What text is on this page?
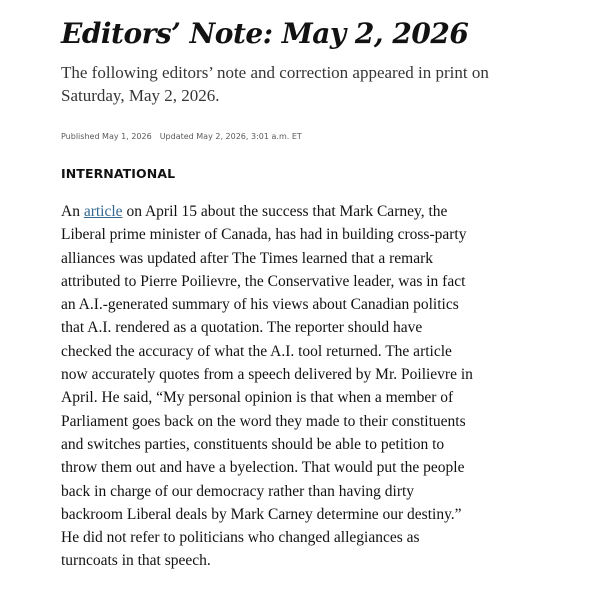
Editors’ Note: May 2, 2026

The following editors’ note and correction appeared in print on Saturday, May 2, 2026.

Published May 1, 2026 Updated May 2, 2026, 3:01 a.m. ET

INTERNATIONAL
An article on April 15 about the success that Mark Carney, the
Liberal prime minister of Canada, has had in building cross-party
alliances was updated after The Times learned that a remark
attributed to Pierre Poilievre, the Conservative leader, was in fact
an A.I.-generated summary of his views about Canadian politics
that A.I. rendered as a quotation. The reporter should have
checked the accuracy of what the A.I. tool returned. The article
now accurately quotes from a speech delivered by Mr. Poilievre in
April. He said, “My personal opinion is that when a member of
Parliament goes back on the word they made to their constituents
and switches parties, constituents should be able to petition to
throw them out and have a byelection. That would put the people
back in charge of our democracy rather than having dirty
backroom Liberal deals by Mark Carney determine our destiny.”
He did not refer to politicians who changed allegiances as
turncoats in that speech.
